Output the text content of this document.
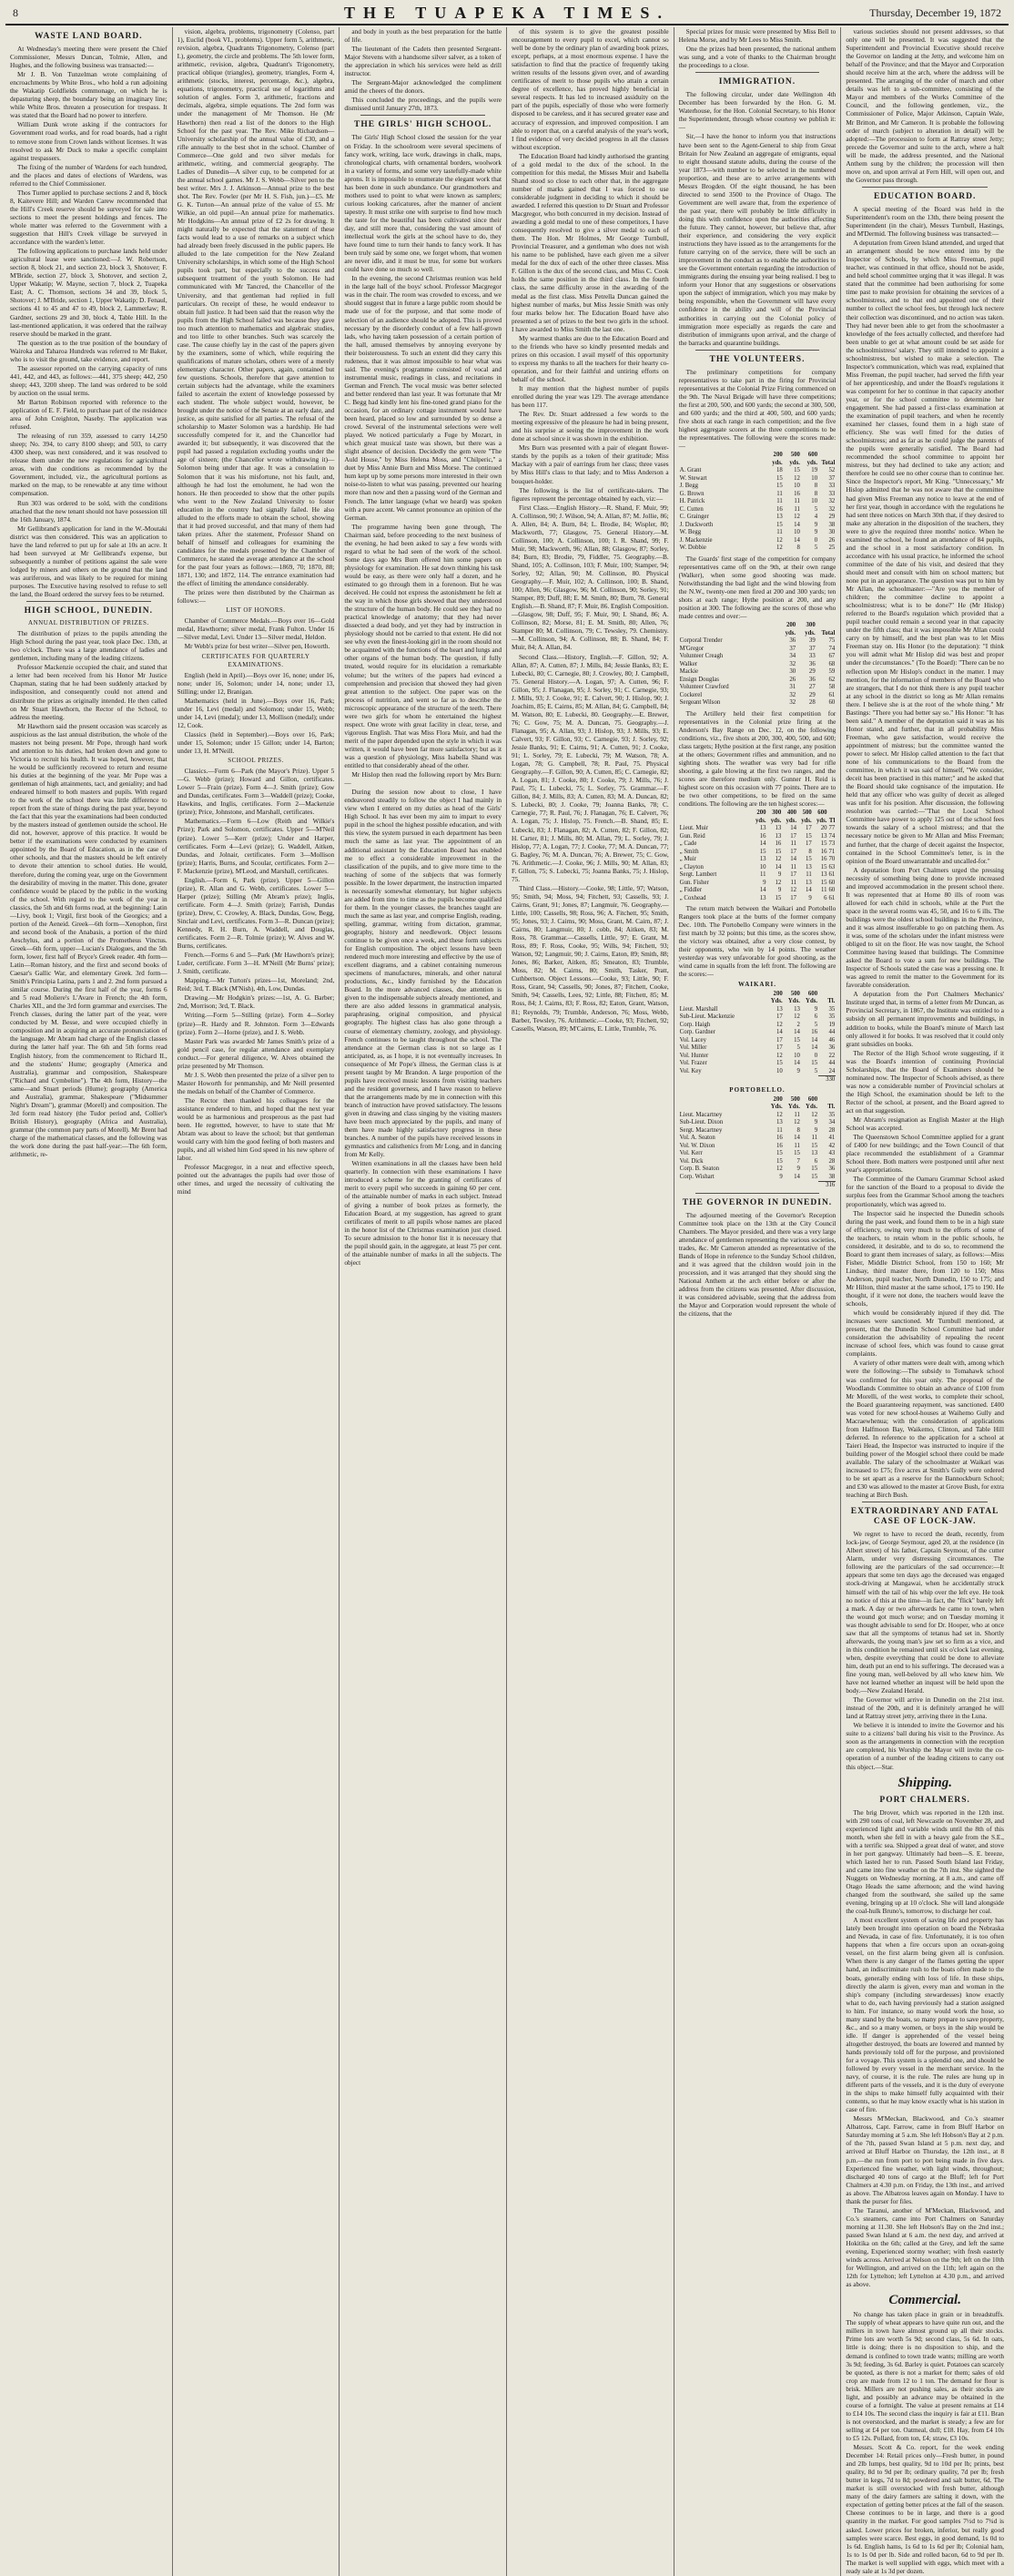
8	THE TUAPEKA TIMES.	Thursday, December 19, 1872
WASTE LAND BOARD.

At Wednesday's meeting there were present the Chief Commissioner, Messrs Duncan, Tolmie, Allen, and Hughes, and the following business was transacted:—

Mr J. B. Von Tunzelman wrote complaining of encroachments by White Bros., who hold a run adjoining the Wakatip Goldfields commonage, on which he is depasturing sheep, the boundary being an imaginary line; while White Bros. threaten a prosecution for trespass. It was stated that the Board had no power to interfere.

William Dunk wrote asking if the contractors for Government road works, and for road boards, had a right to remove stone from Crown lands without licenses. It was resolved to ask Mr Duck to make a specific complaint against trespassers.

The fixing of the number of Wardens for each hundred, and the places and dates of elections of Wardens, was referred to the Chief Commissioner.

Thos Turner applied to purchase sections 2 and 8, block 8, Kaitevere Hill; and Warden Carew recommended that the Hill's Creek reserve should be surveyed for sale into sections to meet the present holdings and fences. The whole matter was referred to the Government with a suggestion that Hill's Creek village be surveyed in accordance with the warden's letter.

The following applications to purchase lands held under agricultural lease were sanctioned:—J. W. Robertson, section 8, block 21, and section 23, block 3, Shotover; F. M'Bride, section 27, block 3, Shotover, and section 2, Upper Wakatip; W. Mayne, section 7, block 2, Tuapeka East; A. C. Thomson, sections 34 and 39, block 5, Shotover; J. M'Bride, section 1, Upper Wakatip; D. Fenaul, sections 41 to 45 and 47 to 49, block 2, Lammerlaw; R. Gardner, sections 29 and 30, block 4, Table Hill. In the last-mentioned application, it was ordered that the railway reserve should be marked in the grant.

The question as to the true position of the boundary of Wairoka and Taharoa Hundreds was referred to Mr Baker, who is to visit the ground, take evidence, and report.

The assessor reported on the carrying capacity of runs 441, 442, and 443, as follows:—441, 375 sheep; 442, 250 sheep; 443, 3200 sheep. The land was ordered to be sold by auction on the usual terms.

Mr Barton Robinson reported with reference to the application of E. F. Field, to purchase part of the residence area of John Creighton, Naseby. The application was refused.

The releasing of run 359, assessed to carry 14,250 sheep; No. 394, to carry 8100 sheep; and 503, to carry 4300 sheep, was next considered, and it was resolved to release them under the new regulations for agricultural areas, with due conditions as recommended by the Government, included, viz., the agricultural portions as marked on the map, to be renewable at any time without compensation.

Run 303 was ordered to be sold, with the conditions attached that the new tenant should not have possession till the 16th January, 1874.

Mr Gellibrand's application for land in the W.-Moutaki district was then considered. This was an application to have the land referred to put up for sale at 10s an acre. It had been surveyed at Mr Gellibrand's expense, but subsequently a number of petitions against the sale were lodged by miners and others on the ground that the land was auriferous, and was likely to be required for mining purposes. The Executive having resolved to refuse to sell the land, the Board ordered the survey fees to be returned.

HIGH SCHOOL, DUNEDIN.
ANNUAL DISTRIBUTION OF PRIZES.

The distribution of prizes to the pupils attending the High School during the past year, took place Dec. 13th, at two o'clock. There was a large attendance of ladies and gentlemen, including many of the leading citizens.

Professor Mackenzie occupied the chair, and stated that a letter had been received from his Honor Mr Justice Chapman, stating that he had been suddenly attacked by indisposition, and consequently could not attend and distribute the prizes as originally intended. He then called on Mr Stuart Hawthorn, the Rector of the School, to address the meeting.

Mr Hawthorn said the present occasion was scarcely as auspicious as the last annual distribution, the whole of the masters not being present. Mr Pope, through hard work and attention to his duties, had broken down and gone to Victoria to recruit his health. It was hoped, however, that he would be sufficiently recovered to return and resume his duties at the beginning of the year. Mr Pope was a gentleman of high attainments, tact, and geniality; and had endeared himself to both masters and pupils. With regard to the work of the school there was little difference to report from the state of things during the past year, beyond the fact that this year the examinations had been conducted by the masters instead of gentlemen outside the school. He did not, however, approve of this practice. It would be better if the examinations were conducted by examiners appointed by the Board of Education, as in the case of other schools, and that the masters should be left entirely to devote their attention to school duties. He would, therefore, during the coming year, urge on the Government the desirability of moving in the matter. This done, greater confidence would be placed by the public in the working of the school. With regard to the work of the year in classics, the 5th and 6th forms read, at the beginning: Latin—Livy, book 1; Virgil, first book of the Georgics; and a portion of the Aeneid. Greek—6th form—Xenophon, first and second book of the Anabasis, a portion of the third Aeschylus, and a portion of the Prometheus Vinctus. Greek—6th form, upper—Lucian's Dialogues, and the 5th form, lower, first half of Bryce's Greek reader. 4th form—Latin—Roman history, and the first and second books of Caesar's Gallic War, and elementary Greek. 3rd form—Smith's Principia Latina, parts 1 and 2. 2nd form pursued a similar course. During the first half of the year, forms 6 and 5 read Moliere's L'Avare in French; the 4th form, Charles XII., and the 3rd form grammar and exercises. The French classes, during the latter part of the year, were conducted by M. Besse, and were occupied chiefly in composition and in acquiring an accurate pronunciation of the language. Mr Abram had charge of the English classes during the latter half year. The 6th and 5th forms read English history, from the commencement to Richard II., and the students' Hume; geography (America and Australia), grammar and composition, Shakespeare ("Richard and Cymbeline"). The 4th form, History—the same—and Stuart periods (Hume); geography (America and Australia), grammar, Shakespeare ("Midsummer Night's Dream"), grammar (Morell) and composition. The 3rd form read history (the Tudor period and, Collier's British History), geography (Africa and Australia), grammar (the common pary parts of Morell). Mr Brent had charge of the mathematical classes, and the following was the work done during the past half-year:—The 6th form, arithmetic, re-

vision, algebra, problems, trigonometry (Colenso, part 1), Euclid (book VI., problems). Upper form 5, arithmetic, revision, algebra, Quadrants Trigonometry, Colenso (part I.), geometry, the circle and problems. The 5th lower form, arithmetic, revision, algebra, Quadrant's Trigonometry, practical oblique (triangles), geometry, triangles, Form 4, arithmetic (stocks, interest, percentage, &c.), algebra, equations, trigonometry, practical use of logarithms and solution of angles. Form 3, arithmetic, fractions and decimals, algebra, simple equations. The 2nd form was under the management of Mr Thomson. He (Mr Hawthorn) then read a list of the donors to the High School for the past year. The Rev. Mike Richardson—University scholarship of the annual value of £30, and a rifle annually to the best shot in the school. Chamber of Commerce—One gold and two silver medals for arithmetic, writing, and commercial geography. The Ladies of Dunedin—A silver cup, to be competed for at the annual school games. Mr J. S. Webb—Silver pen to the best writer. Mrs J. J. Atkinson—Annual prize to the best shot. The Rev. Fowler (per Mr H. S. Fish, jun.)—£5. Mr G. K. Turton—An annual prize of the value of £5. Mr Wilkie, an old pupil—An annual prize for mathematics. Mr Hodgkins—An annual prize of £2 2s for drawing. It might naturally be expected that the statement of these facts would lead to a use of remarks on a subject which had already been freely discussed in the public papers. He alluded to the late competition for the New Zealand University scholarships, in which some of the High School pupils took part, but especially to the success and subsequent treatment of the youth Solomon. He had communicated with Mr Tancred, the Chancellor of the University, and that gentleman had replied in full particulars. On receipt of these, he would endeavor to obtain full justice. It had been said that the reason why the pupils from the High School failed was because they gave too much attention to mathematics and algebraic studies, and too little to other branches. Such was scarcely the case. The cause chiefly lay in the cast of the papers given by the examiners, some of which, while requiring the qualifications of mature scholars, others were of a merely elementary character. Other papers, again, contained but few questions. Schools, therefore that gave attention to certain subjects had the advantage, while the examiners failed to ascertain the extent of knowledge possessed by each student. The whole subject would, however, be brought under the notice of the Senate at an early date, and justice, as quite satisfied for all parties. The refusal of the scholarship to Master Solomon was a hardship. He had successfully competed for it, and the Chancellor had awarded it; but subsequently, it was discovered that the pupil had passed a regulation excluding youths under the age of sixteen; (the Chancellor wrote withdrawing it)—Solomon being under that age. It was a consolation to Solomon that it was his misfortune, not his fault, and, although he had lost the emolument, he had won the honors. He then proceeded to show that the other pupils who went to the New Zealand University to foster education in the country had signally failed. He also alluded to the efforts made to obtain the school, showing that it had proved successful, and that many of them had taken prizes. After the statement, Professor Shand on behalf of himself and colleagues for examining the candidates for the medals presented by the Chamber of Commerce, he stated the average attendance at the school for the past four years as follows:—1869, 70; 1870, 88; 1871, 130; and 1872, 114. The entrance examination had the effect of limiting the attendance considerably.

The prizes were then distributed by the Chairman as follows:—

LIST OF HONORS.

Chamber of Commerce Medals.—Boys over 16—Gold medal, Hawthorne; silver medal, Frank Fulton. Under 16—Silver medal, Levi. Under 13—Silver medal, Heldon.

Mr Webb's prize for best writer—Silver pen, Howorth.

CERTIFICATES FOR QUARTERLY EXAMINATIONS.

English (held in April).—Boys over 16, none; under 16, none; under 16, Solomon; under 14, none; under 13, Stilling; under 12, Branigan.

Mathematics (held in June).—Boys over 16, Park; under 16, Levi (medal) and Solomon; under 15, Webb; under 14, Levi (medal); under 13, Mollison (medal); under 12, Cook.

Classics (held in September).—Boys over 16, Park; under 15, Solomon; under 15 Gillon; under 14, Barton; under 13, H. M'Neill.

SCHOOL PRIZES.

Classics.—Form 6—Park (the Mayor's Prize). Upper 5—G. Webb (prize); Howard and Gillon, certificates. Lower 5—Frain (prize). Form 4—J. Smith (prize); Gow and Dundas, certificates. Form 3—Waddell (prize); Cooke, Hawkins, and Inglis, certificates. Form 2—Mackenzie (prize); Price, Johnstone, and Marshall, certificates.

Mathematics.—Form 6—Low (Reith and Wilkie's Prize); Park and Solomon, certificates. Upper 5—M'Neil (prize). Lower 5—Kerr (prize); Under and Harper, certificates. Form 4—Levi (prize); G. Waddell, Aitken, Dundas, and Jolnair, certificates. Form 3—Mollison (prize); Harris, Burns, and Scoular, certificates. Form 2—F. Mackenzie (prize), M'Leod, and Marshall, certificates.

English.—Form 6, Park (prize). Upper 5—Gillon (prize), R. Allan and G. Webb, certificates. Lower 5—Harper (prize); Stilling (Mr Abram's prize); Inglis, certificate. Form 4—J. Smith (prize); Farrish, Dundas (prize), Drew, C. Crowley, A. Black, Dundas, Gow, Begg, Sinclair and Levi, certificates. Form 3—R. Duncan (prize); Kennedy, R. H. Burn, A. Waddell, and Douglas, certificates. Form 2—R. Tolmie (prize); W. Alves and W. Burns, certificates.

French.—Forms 6 and 5—Park (Mr Hawthorn's prize); Luder, certificate. Form 3—H. M'Neill (Mr Burns' prize); J. Smith, certificate.

Mapping.—Mr Turton's prizes—1st, Moreland; 2nd, Reid; 3rd, T. Black (M'Nish), 4th, Low, Dundas.

Drawing.—Mr Hodgkin's prizes:—1st, A. G. Barber; 2nd, Morrison; 3rd, T. Black.

Writing.—Form 5—Stilling (prize). Form 4—Sorley (prize)—R. Hardy and R. Johnston. Form 3—Edwards (prize). Form 2—Horne (prize), and J. S. Webb.

Master Park was awarded Mr James Smith's prize of a gold pencil case, for regular attendance and exemplary conduct.—For general diligence, W. Alves obtained the prize presented by Mr Thomson.

Mr J. S. Webb then presented the prize of a silver pen to Master Howorth for penmanship, and Mr Neill presented the medals on behalf of the Chamber of Commerce.

The Rector then thanked his colleagues for the assistance rendered to him, and hoped that the next year would be as harmonious and prosperous as the past had been. He regretted, however, to have to state that Mr Abram was about to leave the school; but that gentleman would carry with him the good feeling of both masters and pupils, and all wished him God speed in his new sphere of labor.

Professor Macgregor, in a neat and effective speech, pointed out the advantages the pupils had over those of other times, and urged the necessity of cultivating the mind

and body in youth as the best preparation for the battle of life.

The lieutenant of the Cadets then presented Sergeant-Major Stevens with a handsome silver salver, as a token of the appreciation in which his services were held as drill instructor.

The Sergeant-Major acknowledged the compliment amid the cheers of the donors.

This concluded the proceedings, and the pupils were dismissed until January 27th, 1873.

THE GIRLS' HIGH SCHOOL.

The Girls' High School closed the session for the year on Friday. In the schoolroom were several specimens of fancy work, writing, lace work, drawings in chalk, maps, chronological charts, with ornamental borders, woolwork in a variety of forms, and some very tastefully-made white aprons. It is impossible to enumerate the elegant work that has been done in such abundance. Our grandmothers and mothers used to point to what were known as samplers; curious looking caricatures, after the manner of ancient tapestry. It must strike one with surprise to find how much the taste for the beautiful has been cultivated since their day, and still more that, considering the vast amount of intellectual work the girls at the school have to do, they have found time to turn their hands to fancy work. It has been truly said by some one, we forget whom, that women are never idle, and it must be true, for some but workers could have done so much so well.

In the evening, the second Christmas reunion was held in the large hall of the boys' school. Professor Macgregor was in the chair. The room was crowded to excess, and we should suggest that in future a large public room should be made use of for the purpose, and that some mode of selection of an audience should be adopted. This is proved necessary by the disorderly conduct of a few half-grown lads, who having taken possession of a certain portion of the hall, amused themselves by annoying everyone by their boisterousness. To such an extent did they carry this rudeness, that it was almost impossible to hear what was said. The evening's programme consisted of vocal and instrumental music, readings in class, and recitations in German and French. The vocal music was better selected and better rendered than last year. It was fortunate that Mr C. Begg had kindly lent his fine-toned grand piano for the occasion, for an ordinary cottage instrument would have been heard, placed so low and surrounded by so dense a crowd. Several of the instrumental selections were well played. We noticed particularly a Fuge by Mozart, in which great musical taste was shown, but there was a slight absence of decision. Decidedly the gem were "The Auld House," by Miss Helena Moss, and "Chilperic," a duet by Miss Annie Burn and Miss Morse. The continued hum kept up by some persons more interested in their own noise-to-listen to what was passing, prevented our hearing more than now and then a passing word of the German and French. The latter language (what we heard) was spoken with a pure accent. We cannot pronounce an opinion of the German.

The programme having been gone through, The Chairman said, before proceeding to the next business of the evening, he had been asked to say a few words with regard to what he had seen of the work of the school. Some days ago Mrs Burn offered him some papers on physiology for examination. He sat down thinking his task would be easy, as there were only half a dozen, and he estimated to go through them in a forenoon. But he was deceived. He could not express the astonishment he felt at the way in which those girls showed that they understood the structure of the human body. He could see they had no practical knowledge of anatomy; that they had never dissected a dead body, and yet they had by instruction in physiology should not be carried to that extent. He did not see why even the finest-looking girl in the room should not be acquainted with the functions of the heart and lungs and other organs of the human body. The question, if fully treated, would require for its elucidation a remarkable volume; but the writers of the papers had evinced a comprehension and precision that showed they had given great attention to the subject. One paper was on the process of nutrition, and went so far as to describe the microscopic appearance of the structure of the teeth. There were two girls for whom he entertained the highest respect. One wrote with great facility in clear, terse, and vigorous English. That was Miss Flora Muir, and had the merit of the paper depended upon the style in which it was written, it would have been far more satisfactory; but as it was a question of physiology, Miss Isabella Shand was entitled to that considerably ahead of the other.

Mr Hislop then read the following report by Mrs Burn:—

During the session now about to close, I have endeavored steadily to follow the object I had mainly in view when I entered on my duties as head of the Girls' High School. It has ever been my aim to impart to every pupil in the school the highest possible education, and with this view, the system pursued in each department has been much the same as last year. The appointment of an additional assistant by the Education Board has enabled me to effect a considerable improvement in the classification of the pupils, and to give more time to the teaching of some of the subjects that was formerly possible. In the lower department, the instruction imparted is necessarily somewhat elementary, but higher subjects are added from time to time as the pupils become qualified for them. In the younger classes, the branches taught are much the same as last year, and comprise English, reading, spelling, grammar, writing from dictation, grammar, geography, history and needlework. Object lessons continue to be given once a week, and these form subjects for English composition. The object lessons have been rendered much more interesting and effective by the use of excellent diagrams, and a cabinet containing numerous specimens of manufactures, minerals, and other natural productions, &c., kindly furnished by the Education Board. In the more advanced classes, due attention is given to the indispensable subjects already mentioned, and there are also added lessons in grammatical analysis, paraphrasing, original composition, and physical geography. The highest class has also gone through a course of elementary chemistry, zoology, and physiology. French continues to be taught throughout the school. The attendance at the German class is not so large as I anticipated, as, as I hope, it is not eventually increases. In consequence of Mr Pope's illness, the German class is at present taught by Mr Brandon. A large proportion of the pupils have received music lessons from visiting teachers and the resident governess, and I have reason to believe that the arrangements made by me in connection with this branch of instruction have proved satisfactory. The lessons given in drawing and class singing by the visiting masters have been much appreciated by the pupils, and many of them have made highly satisfactory progress in these branches. A number of the pupils have received lessons in gymnastics and calisthenics from Mr Long, and in dancing from Mr Kelly.

Written examinations in all the classes have been held quarterly. In connection with these examinations I have introduced a scheme for the granting of certificates of merit to every pupil who succeeds in gaining 60 per cent. of the attainable number of marks in each subject. Instead of giving a number of book prizes as formerly, the Education Board, at my suggestion, has agreed to grant certificates of merit to all pupils whose names are placed in the honor list of the Christmas examination just closed. To secure admission to the honor list it is necessary that the pupil should gain, in the aggregate, at least 75 per cent. of the attainable number of marks in all the subjects. The object

of this system is to give the greatest possible encouragement to every pupil to excel, which cannot so well be done by the ordinary plan of awarding book prizes, except, perhaps, at a most enormous expense. I have the satisfaction to find that the practice of frequently taking written results of the lessons given over, and of awarding certificates of merit to those pupils who attain a certain degree of excellence, has proved highly beneficial in several respects. It has led to increased assiduity on the part of the pupils, especially of those who were formerly disposed to be careless, and it has secured greater ease and accuracy of expression, and improved composition. I am able to report that, on a careful analysis of the year's work, I find evidence of very decided progress in all the classes without exception.

The Education Board had kindly authorised the granting of a gold medal to the dux of the school. In the competition for this medal, the Misses Muir and Isabella Shand stood so close to each other that, in the aggregate number of marks gained that I was forced to use considerable judgment in deciding to which it should be awarded. I referred this question to Dr Stuart and Professor Macgregor, who both concurred in my decision. Instead of awarding a gold medal to one of these competitors, I have consequently resolved to give a silver medal to each of them. The Hon. Mr Holmes, Mr George Turnbull, Provincial Treasurer, and a gentleman who does not wish his name to be published, have each given me a silver medal for the dux of each of the other three classes. Miss F. Gillon is the dux of the second class, and Miss C. Cook holds the same position in the third class. In the fourth class, the same difficulty arose in the awarding of the medal as the first class. Miss Petrella Duncan gained the highest number of marks, but Miss Jessie Smith was only four marks below her. The Education Board have also presented a set of prizes to the best two girls in the school. I have awarded to Miss Smith the last one.

My warmest thanks are due to the Education Board and to the friends who have so kindly presented medals and prizes on this occasion. I avail myself of this opportunity to express my thanks to all the teachers for their hearty co-operation, and for their faithful and untiring efforts on behalf of the school.

It may mention that the highest number of pupils enrolled during the year was 129. The average attendance has been 117.

The Rev. Dr. Stuart addressed a few words to the meeting expressive of the pleasure he had in being present, and his surprise at seeing the improvement in the work done at school since it was shown in the exhibition.

Mrs Burn was presented with a pair of elegant flower-stands by the pupils as a token of their gratitude; Miss Mackay with a pair of earrings from her class; three vases by Miss Hill's class to that lady; and to Miss Anderson a bouquet-holder.

The following is the list of certificate-takers. The figures represent the percentage obtained by each, viz:—

First Class.—English History.—R. Shand, F. Muir, 99; A. Collinson, 90; J. Wilson, 94; A. Allan, 87; M. Jollie, 86; A. Allen, 84; A. Burn, 84; L. Brodie, 84; Wispler, 80; Mackworth, 77; Glasgow, 75. General History.—M. Collinson, 100; A. Collinson, 100; I. R. Shand, 99; F. Muir, 98; Mackworth, 96; Allan, 88; Glasgow, 87; Sorley, 84; Burn, 83; Brodie, 79, Fiddler, 75. Geography.—B. Shand, 105; A. Collinson, 103; F. Muir, 100; Stamper, 94; Sorley, 92; Allan, 90; M. Collinson, 80. Physical Geography.—F. Muir, 102; A. Collinson, 100; B. Shand, 100; Allen, 96; Glasgow, 96; M. Collinson, 90; Sorley, 91; Stamper, 89; Duff, 88; E. M. Smith, 80; Burn, 78. General English.—B. Shand, 87; F. Muir, 86. English Composition.—Glasgow, 98; Duff, 95; F. Muir, 90; I. Shand, 86; A. Collinson, 82; Morse, 81; E. M. Smith, 80; Allen, 76; Stamper 80; M. Collinson, 79; C. Tewsley, 79. Chemistry.—M. Collinson, 94; A. Collinson, 88; B. Shand, 84; F. Muir, 84; A. Allan, 84.

Second Class.—History, English.—F. Gillon, 92; A. Allan, 87; A. Cutten, 87; J. Mills, 84; Jessie Banks, 83; E. Lubecki, 80; C. Carnegie, 80; J. Crowley, 80; J. Campbell, 75. General History.—A. Logan, 97; A. Cutten, 96; F. Gillon, 95; J. Flanagan, 95; J. Sorley, 91; C. Carnegie, 93; J. Mills, 93; J. Cooke, 91; E. Calvert, 90; J. Hislop, 90; J. Joachim, 85; E. Cairns, 85; M. Allan, 84; G. Campbell, 84; M. Watson, 80; E. Lubecki, 80. Geography.—E. Brewer, 76; C. Gow, 75; M. A. Duncan, 75. Geography.—J. Flanagan, 95; A. Allan, 93; J. Hislop, 93; J. Mills, 93; E. Calvert, 93; F. Gillon, 93; C. Carnegie, 93; J. Sorley, 92; Jessie Banks, 91; E. Cairns, 91; A. Cutten, 91; J. Cooke, 91; L. Sorley, 79; E. Lubecki, 79; M. Watson, 78; A. Logan, 78; G. Campbell, 78; R. Paul, 75. Physical Geography.—F. Gillon, 90; A. Cutten, 85; C. Carnegie, 82; A. Logan, 81; J. Cooke, 80; J. Cooke, 79; J. Mills, 76; J. Paul, 75; L. Lubecki, 75; L. Sorley, 75. Grammar.—F. Gillon, 84; J. Mills, 83; A. Cutten, 83; M. A. Duncan, 82; S. Lubecki, 80; J. Cooke, 79; Joanna Banks, 78; C. Carnegie, 77; R. Paul, 76; J. Flanagan, 76; E. Calvert, 76; A. Logan, 75; J. Hislop, 75. French.—B. Shand, 85; E. Lubecki, 83; J. Flanagan, 82; A. Cutten, 82; F. Gillon, 82; H. Carter, 81; J. Mills, 80; M. Allan, 79; L. Sorley, 79; J. Hislop, 77; A. Logan, 77; J. Cooke, 77; M. A. Duncan, 77; G. Bagley, 76; M. A. Duncan, 76; A. Brewer, 75; C. Gow, 76. Arithmetic.—J. Cooke, 96; J. Mills, 90; M. Allan, 83; F. Gillon, 75; S. Lubecki, 75; Joanna Banks, 75; J. Hislop, 75.

Third Class.—History.—Cooke, 98; Little, 97; Watson, 95; Smith, 94; Moss, 94; Fitchett, 93; Cassells, 93; J. Cairns, Grant, 91; Jones, 87; Langmuir, 76. Geography.—Little, 100; Cassells, 98; Ross, 96; A. Fitchett, 95; Smith, 95; Jones, 93; J. Cairns, 90; Moss, Grant, M. Cairn, 87; J. Cairns, 80; Langmuir, 80; J. cobb, 84; Aitken, 83; M. Ross, 78. Grammar.—Cassells, Little, 97; E. Grant, M. Ross, 89; F. Ross, Cooke, 95; Wills, 94; Fitchett, 93; Watson, 92; Langmuir, 90; J. Cairns, Eaton, 89; Smith, 88; Jones, 86; Barker, Aitken, 85; Smeaton, 83; Trumble, Moss, 82; M. Cairns, 80; Smith, Tasker, Pratt, Cuthbertson. Object Lessons.—Cooke, 93; Little, 90; F. Ross, Grant, 94; Cassells, 90; Jones, 87; Fitchett, Cooke, Smith, 94; Cassells, Lees, 92; Little, 88; Fitchett, 85; M. Ross, 84; J. Cairns, 83; F. Ross, 82; Eaton, Grant, Watson, 81; Reynolds, 79; Trumble, Anderson, 76; Moss, Webb, Barber, Tewsley, 76. Arithmetic.—Cooke, 93; Fitchett, 92; Cassells, Watson, 89; M'Cairns, E. Little, Trumble, 76.

Special prizes for music were presented by Miss Bell to Helena Morse, and by Mr Lees to Miss Smith.

One the prizes had been presented, the national anthem was sung, and a vote of thanks to the Chairman brought the proceedings to a close.

IMMIGRATION.

The following circular, under date Wellington 4th December has been forwarded by the Hon. G. M. Waterhouse, for the Hon. Colonial Secretary, to his Honor the Superintendent, through whose courtesy we publish it:—

Sir,—I have the honor to inform you that instructions have been sent to the Agent-General to ship from Great Britain for New Zealand an aggregate of emigrants, equal to eight thousand statute adults, during the course of the year 1873—with number to be selected in the numbered proportion, and these are to arrive arrangements with Messrs Brogden. Of the eight thousand, he has been directed to send 3500 to the Province of Otago. The Government are well aware that, from the experience of the past year, there will probably be little difficulty in doing this with confidence upon the authorities affecting the future. They cannot, however, but believe that, after their experience, and considering the very explicit instructions they have issued as to the arrangements for the future carrying on of the service, there will be such an improvement in the conduct as to enable the authorities to see the Government entertain regarding the introduction of immigrants during the ensuing year being realised. I beg to inform your Honor that any suggestions or observations upon the subject of immigration, which you may make by being responsible, when the Government will have every confidence in the ability and will of the Provincial authorities in carrying out the Colonial policy of immigration more especially as regards the care and distribution of immigrants upon arrival, and the charge of the barracks and quarantine buildings.

THE VOLUNTEERS.

The preliminary competitions for company representatives to take part in the firing for Provincial representatives at the Colonial Prize Firing commenced on the 9th. The Naval Brigade will have three competitions; the first at 200, 500, and 600 yards; the second at 300, 500, and 600 yards; and the third at 400, 500, and 600 yards; five shots at each range in each competition; and the five highest aggregate scorers at the three competitions to be the representatives. The following were the scores made:—

	200	500	600	
	yds.	yds.	yds.	Total
A. Grant	18	15	19	52
W. Stewart	15	12	10	37
J. Begg	15	10	8	33
G. Brown	11	16	8	33
H. Patrick	11	11	10	32
C. Cutten	16	11	5	32
C. Grainger	13	12	4	29
J. Duckworth	15	14	9	38
W. Begg	11	10	9	30
J. Mackenzie	12	14	0	26
W. Dobbie	12	8	5	25

The Guards' first stage of the competition for company representatives came off on the 9th, at their own range (Walker), when some good shooting was made. Notwithstanding the bad light and the wind blowing from the N.W., twenty-one men fired at 200 and 300 yards; ten shots at each range; Hythe position at 200, and any position at 300. The following are the scores of those who made centres and over:—

	200	300	
	yds.	yds.	Total
Corporal Trender	36	39	75
M'Gregor	37	37	74
Volunteer Creagh	34	33	67
Walker	32	36	68
Mackie	30	29	59
Ensign Douglas	26	36	62
Volunteer Crawford	31	27	58
Cockerel	32	29	61
Sergeant Wilson	32	28	60

The Artillery held their first competition for representatives in the Colonial prize firing at the Anderson's Bay Range on Dec. 12, on the following conditions, viz., five shots at 200, 300, 400, 500, and 600; class targets; Hythe position at the first range, any position at the others; Government rifles and ammunition, and no sighting shots. The weather was very bad for rifle shooting, a gale blowing at the first two ranges, and the scores are therefore medium only. Gunner H. Reid is highest score on this occasion with 77 points. There are to be two other competitions, to be fired on the same conditions. The following are the ten highest scores:—

	200	300	400	500	600	
	yds.	yds.	yds.	yds.	yds.	Tl
Lieut. Muir	13	13	14	17	20	77
Gun. Reid	16	13	17	15	13	74
„ Cade	14	16	11	17	15	73
„ Smith	15	15	17	8	16	71
„ Muir	13	12	14	15	16	70
„ Clayton	10	14	11	13	15	63
Sergt. Lambert	11	9	17	11	13	61
Gun. Fisher	9	12	11	13	15	60
„ Fiddler	14	9	12	14	11	60
„ Coxhead	13	15	17	9	6	61

The return match between the Waikari and Portobello Rangers took place at the butts of the former company Dec. 10th. The Portobello Company were winners in the first match by 32 points; but this time, as the scores show, the victory was obtained, after a very close contest, by their opponents, who win by 14 points. The weather yesterday was very unfavorable for good shooting, as the wind came in squalls from the left front. The following are the scores:—

WAIKARI.
	200	500	600	
	Yds.	Yds.	Yds.	Tl.
Lieut. Marshall	13	13	9	35
Sub-Lieut. Mackenzie	17	12	6	35
Corp. Haigh	12	2	5	19
Corp. Gardner	14	14	16	44
Vol. Lacey	17	15	14	46
Vol. Miller	17	5	14	36
Vol. Hunter	12	10	0	22
Vol. Frazer	15	14	15	44
Vol. Key	10	9	5	24
				330
PORTOBELLO.
	200	500	600	
	Yds.	Yds.	Yds.	Tl.
Lieut. Macartney	12	11	12	35
Sub-Lieut. Dixon	13	12	9	34
Sergt. Macartney	11	8	9	28
Vol. A. Seaton	16	14	11	41
Vol. W. Dixon	16	11	15	42
Vol. Kerr	15	15	13	43
Vol. Dick	15	7	6	28
Corp. B. Seaton	12	9	15	36
Corp. Wishart	9	14	15	38
				316
THE GOVERNOR IN DUNEDIN.

The adjourned meeting of the Governor's Reception Committee took place on the 13th at the City Council Chambers. The Mayor presided, and there was a very large attendance of gentlemen representing the various societies, trades, &c. Mr Cameron attended as representative of the Bands of Hope in reference to the Sunday School children, and it was agreed that the children would join in the procession, and it was arranged that they should sing the National Anthem at the arch either before or after the address from the citizens was presented. After discussion, it was considered advisable, seeing that the address from the Mayor and Corporation would represent the whole of the citizens, that the

various societies should not present addresses, so that only one will be presented. It was suggested that the Superintendent and Provincial Executive should receive the Governor on landing at the Jetty, and welcome him on behalf of the Province; and that the Mayor and Corporation should receive him at the arch, where the address will be presented. The arranging of the order of march and other details was left to a sub-committee, consisting of the Mayor and members of the Works Committee of the Council, and the following gentlemen, viz., the Commissioner of Police, Major Atkinson, Captain Wale, Mr Britton, and Mr Cameron. It is probable the following order of march (subject to alteration in detail) will be adopted:—The procession to form at Rattray street Jetty; precede the Governor and suite to the arch, where a halt will be made, the address presented, and the National Anthem sung by the children; the procession will then move on, and upon arrival at Fern Hill, will open out, and the Governor pass through.

EDUCATION BOARD.

A special meeting of the Board was held in the Superintendent's room on the 13th, there being present the Superintendent (in the chair), Messrs Turnbull, Hastings, and M'Dermid. The following business was transacted:—

A deputation from Green Island attended, and urged that an arrangement should be now entered into by the Inspector of Schools, by which Miss Freeman, pupil teacher, was continued in that office, should not be aside, and held school committee urging that it was illegal. It was stated that the committee had been authorising for some time past to make provision for obtaining the services of a schoolmistress, and to that end appointed one of their number to collect the school fees, but through luck nectere their collection was discontinued, and no action was taken. They had never been able to get from the schoolmaster a knowledge of the fees actually collected, and therefore had been unable to get at what amount could be set aside for the schoolmistress' salary. They still intended to appoint a schoolmistress, but wished to make a selection. The Inspector's communication, which was read, explained that Miss Freeman, the pupil teacher, had served the fifth year of her apprenticeship, and under the Board's regulations it was competent for her to continue in that capacity another year, or for the school committee to determine her engagement. She had passed a first-class examination at the examination of pupil teachers, and when he recently examined her classes, found them in a high state of efficiency. She was well fitted for the duties of schoolmistress; and as far as he could judge the parents of the pupils were generally satisfied. The Board had recommended the school committee to appoint her mistress, but they had declined to take any action; and therefore he could see no other course than to continue her. Since the Inspector's report, Mr King. "Unnecessary," Mr Hislop admitted that he was not aware that the committee had given Miss Freeman any notice to leave at the end of her first year, though in accordance with the regulations he had sent three notices on March 30th that, if they desired to make any alteration in the disposition of the teachers, they were to give the required three months' notice. When he examined the school, he found an attendance of 84 pupils, and the school in a most satisfactory condition. In accordance with his usual practice, he informed the school committee of the date of his visit, and desired that they should meet and consult with him on school matters; but none put in an appearance. The question was put to him by Mr Allan, the schoolmaster:—"Are you the member of children; the committee decline to appoint a schoolmistress; what is to be done?" He (Mr Hislop) referred to the Board's regulation which provided that a pupil teacher could remain a second year in that capacity under the fifth class; that it was impossible Mr Allan could carry on by himself, and the best plan was to let Miss Freeman stay on. His Honor (to the deputation): "I think you will admit what Mr Hislop did was best and proper under the circumstances." (To the Board): "There can be no reflection upon Mr Hislop's conduct in the matter. I may mention, for the information of members of the Board who are strangers, that I do not think there is any pupil teacher at any school in the district so long as Mr Allan remains there. I believe she is at the root of the whole thing." Mr Bastings: "There you had better say so." His Honor: "It has been said." A member of the deputation said it was as his Honor stated, and further, that in all probability Miss Freeman, who gave satisfaction, would receive the appointment of mistress; but the committee wanted the power to select. Mr Hislop called attention to the fact that none of his communications to the Board from the committee, in which it was said of himself, "We consider, deceit has been practised in this matter;" and he asked that the Board should take cognisance of the imputation. He held that any officer who was guilty of deceit as alleged was unfit for his position. After discussion, the following resolution was carried:—"That the Local School Committee have power to apply 125 out of the school fees towards the salary of a school mistress; and that the necessary notice be given to Mr Allan and Miss Freeman; and further, that the charge of deceit against the Inspector, contained in the School Committee's letter, is in the opinion of the Board unwarrantable and uncalled-for."

A deputation from Port Chalmers urged the pressing necessity of something being done to provide increased and improved accommodation in the present school there. It was represented that at Home 80 ills of room was allowed for each child in schools, while at the Port the space in the several rooms was 45, 50, and 16 to 6 ills. The buildings were the oldest school buildings in the Province, and it was almost insufferable to go on patching them. As it was, some of the scholars under the infant mistress were obliged to sit on the floor. He was now taught, the School Committee having leased that buildings. The Committee asked the Board to vote a sum for new buildings. The Inspector of Schools stated the case was a pressing one. It was agreed to remit the matter to the Government for its favorable consideration.

A deputation from the Port Chalmers Mechanics' Institute urged that, in terms of a letter from Mr Duncan, as Provincial Secretary, in 1867, the Institute was entitled to a subsidy on all permanent improvements and buildings, in addition to books, while the Board's minute of March last only allowed it for books. It was resolved that it could only grant subsidies on books.

The Rector of the High School wrote suggesting, if it was the Board's intention of continuing Provincial Scholarships, that the Board of Examiners should be nominated now. The Inspector of Schools advised, as there was now a considerable number of Provincial scholars at the High School, the examination should be left to the Rector of the school, at present, and the Board agreed to act on that suggestion.

Mr Abram's resignation as English Master at the High School was accepted.

The Queenstown School Committee applied for a grant of £400 for new buildings; and the Town Council of that place recommended the establishment of a Grammar School there. Both matters were postponed until after next year's appropriations.

The Committee of the Oamaru Grammar School asked for the sanction of the Board to a proposal to divide the surplus fees from the Grammar School among the teachers proportionately, which was agreed to.

The Inspector said he inspected the Dunedin schools during the past week, and found them to be in a high state of efficiency, owing very much to the efforts of some of the teachers, to retain whom in the public schools, he considered, it desirable, and to do so, to recommend the Board to grant them increases of salary, as follows:—Miss Fisher, Middle District School, from 150 to 160; Mr Lindsay, third master there, from 120 to 150; Miss Anderson, pupil teacher, North Dunedin, 150 to 175; and Mr Hilton, third master at the same school, 175 to 190. He thought, if it were not done, the teachers would leave the schools,

which would be considerably injured if they did. The increases were sanctioned. Mr Turnbull mentioned, at present, that the Dunedin School Committee had under consideration the advisability of repealing the recent increase of school fees, which was found to cause great complaints.

A variety of other matters were dealt with, among which were the following:—The subsidy to Tomahawk school was confirmed for this year only. The proposal of the Woodlands Committee to obtain an advance of £100 from Mr Morelli, of the west works, to complete their school, the Board guaranteeing repayment, was sanctioned. £400 was voted for new school-houses at Waihemo Gully and Macraewhenua; with the consideration of applications from Halfmoon Bay, Waikemo, Clinton, and Table Hill deferred. In reference to the application for a school at Taieri Head, the Inspector was instructed to inquire if the building power of the Mosgiel school there could be made available. The salary of the schoolmaster at Waikari was increased to £75; five acres at Smith's Gully were ordered to be set apart as a reserve for the Bannockburn School; and £30 was allowed to the master at Grove Bush, for extra teaching at Birch Bush.

EXTRAORDINARY AND FATAL CASE OF LOCK-JAW.

We regret to have to record the death, recently, from lock-jaw, of George Seymour, aged 20, at the residence (in Albert street) of his father, Captain Seymour, of the cutter Alarm, under very distressing circumstances. The following are the particulars of the sad occurrence:—It appears that some ten days ago the deceased was engaged stock-driving at Mangawai, when he accidentally struck himself with the tail of his whip over the left eye. He took no notice of this at the time—in fact, the "flick" barely left a mark. A day or two afterwards he came to town, when the wound got much worse; and on Tuesday morning it was thought advisable to send for Dr. Hooper, who at once saw that all the symptoms of tetanus had set in. Shortly afterwards, the young man's jaw set so firm as a vice, and in this condition he remained until six o'clock last evening, when, despite everything that could be done to alleviate him, death put an end to his sufferings. The deceased was a fine young man, well-beloved by all who knew him. We have not learned whether an inquest will be held upon the body.—New Zealand Herald.

The Governor will arrive in Dunedin on the 21st inst. instead of the 20th, and it is definitely arranged he will land at Rattray street jetty, arriving there in the Luna.

We believe it is intended to invite the Governor and his suite to a citizens' ball during his visit to the Province. As soon as the arrangements in connection with the reception are completed, his Worship the Mayor will invite the co-operation of a number of the leading citizens to carry out this object.—Star.

Shipping.
PORT CHALMERS.

The brig Drover, which was reported in the 12th inst. with 290 tons of coal, left Newcastle on November 28, and experienced light and variable winds until the 8th of this month, when she fell in with a heavy gale from the S.E., with a terrific sea. Shipped a great deal of water, and stove in her port gangway. Ultimately had been—S. E. breeze, which lasted her to run. Passed South Island last Friday, and came into fine weather on the 7th inst. She sighted the Nuggets on Wednesday morning, at 8 a.m., and came off Otago Heads the same afternoon; and the wind having changed from the southward, she sailed up the same evening, bringing up at 10 o'clock. She will land alongside the coal-hulk Bruno's, tomorrow, to discharge her coal.

A most excellent system of saving life and property has lately been brought into operation on board the Nebraska and Nevada, in case of fire. Unfortunately, it is too often happens that when a fire occurs upon an ocean-going vessel, on the first alarm being given all is confusion. When there is any danger of the flames getting the upper hand, an indiscriminate rush to the boats often made to the boats, generally ending with loss of life. In these ships, directly the alarm is given, every man and woman in the ship's company (including stewardesses) know exactly what to do, each having previously had a station assigned to him. For instance, so many would work the hose, so many stand by the boats, so many prepare to save property, &c., and so a many women, or boys in the ship would be idle. If danger is apprehended of the vessel being altogether destroyed, the boats are lowered and manned by hands previously told off for the purpose, and provisioned for a voyage. This system is a splendid one, and should be followed by every vessel in the merchant service. In the navy, of course, it is the rule. The rules are hung up in different parts of the vessels, and it is the duty of everyone in the ships to make himself fully acquainted with their contents, so that he may know exactly what is his station in case of fire.

Messrs M'Meckan, Blackwood, and Co.'s steamer Albatross, Capt. Farrow, came in from Bluff Harbor on Saturday morning at 5 a.m. She left Hobson's Bay at 2 p.m. of the 7th, passed Swan Island at 5 p.m. next day, and arrived at Bluff Harbor on Thursday, the 12th inst., at 8 p.m.—the run from port to port being made in five days. Experienced fine weather, with light winds, throughout; discharged 40 tons of cargo at the Bluff; left for Port Chalmers at 4.30 p.m. on Friday, the 13th inst., and arrived as above. The Albatross leaves again on Monday. I have to thank the purser for files.

The Taranui, another of M'Meckan, Blackwood, and Co.'s steamers, came into Port Chalmers on Saturday morning at 11.30. She left Hobson's Bay on the 2nd inst.; passed Swan Island at 6 a.m. the next day, and arrived at Hokitika on the 6th; called at the Grey, and left the same evening, Experienced stormy weather; with fresh easterly winds across. Arrived at Nelson on the 9th; left on the 10th for Wellington, and arrived on the 11th; left again on the 12th for Lyttelton; left Lyttelton at 4.30 p.m., and arrived as above.

Commercial.

No change has taken place in grain or in breadstuffs. The supply of wheat appears to have quite run out, and the millers in town have almost ground up all their stocks. Prime lots are worth 5s 9d; second class, 5s 6d. In oats, little is doing; there is no disposition to ship, and the demand is confined to town trade wants; milling are worth 3s 9d; feeding, 3s 6d. Barley is quiet. Potatoes can scarcely be quoted, as there is not a market for them; sales of old crop are made from 12 to 1 ton. The demand for flour is brisk. Millers are not pushing sales, as their stocks are light, and possibly an advance may be obtained in the course of a fortnight. The value at present remains at £14 to £14 10s. The second class the inquiry is fair at £11. Bran is not overstocked, and the market is steady; a few are for selling at £4 per ton. Oatmeal, dull; £18. Hay, from £4 10s to £5 12s. Pollard, from ton, £4; straw, £3 10s.

Messrs. Scott & Co. report, for the week ending December 14: Retail prices only—Fresh butter, in pound and 2lb lumps, best quality, 9d to 10d per lb; prints, best quality, 8d to 9d per lb; ordinary quality, 7d per lb; fresh butter in kegs, 7d to 8d; powdered and salt butter, 6d. The market is still overstocked with fresh butter, although many of the dairy farmers are salting it down, with the expectation of getting better prices at the fall of the season. Cheese continues to be in large, and there is a good quantity in the market. For good samples 7½d to 7¾d is asked. Lower prices for broken, inferior, but really good samples were scarce. Best eggs, in good demand, 1s 0d to 1s 6d. English hams, 1s 6d to 1s 6d per lb; Colonial ham, 1s to 1s 0d per lb. Side and rolled bacon, 6d to 9d per lb. The market is well supplied with eggs, which meet with a ready sale at 1s 3d per dozen.
